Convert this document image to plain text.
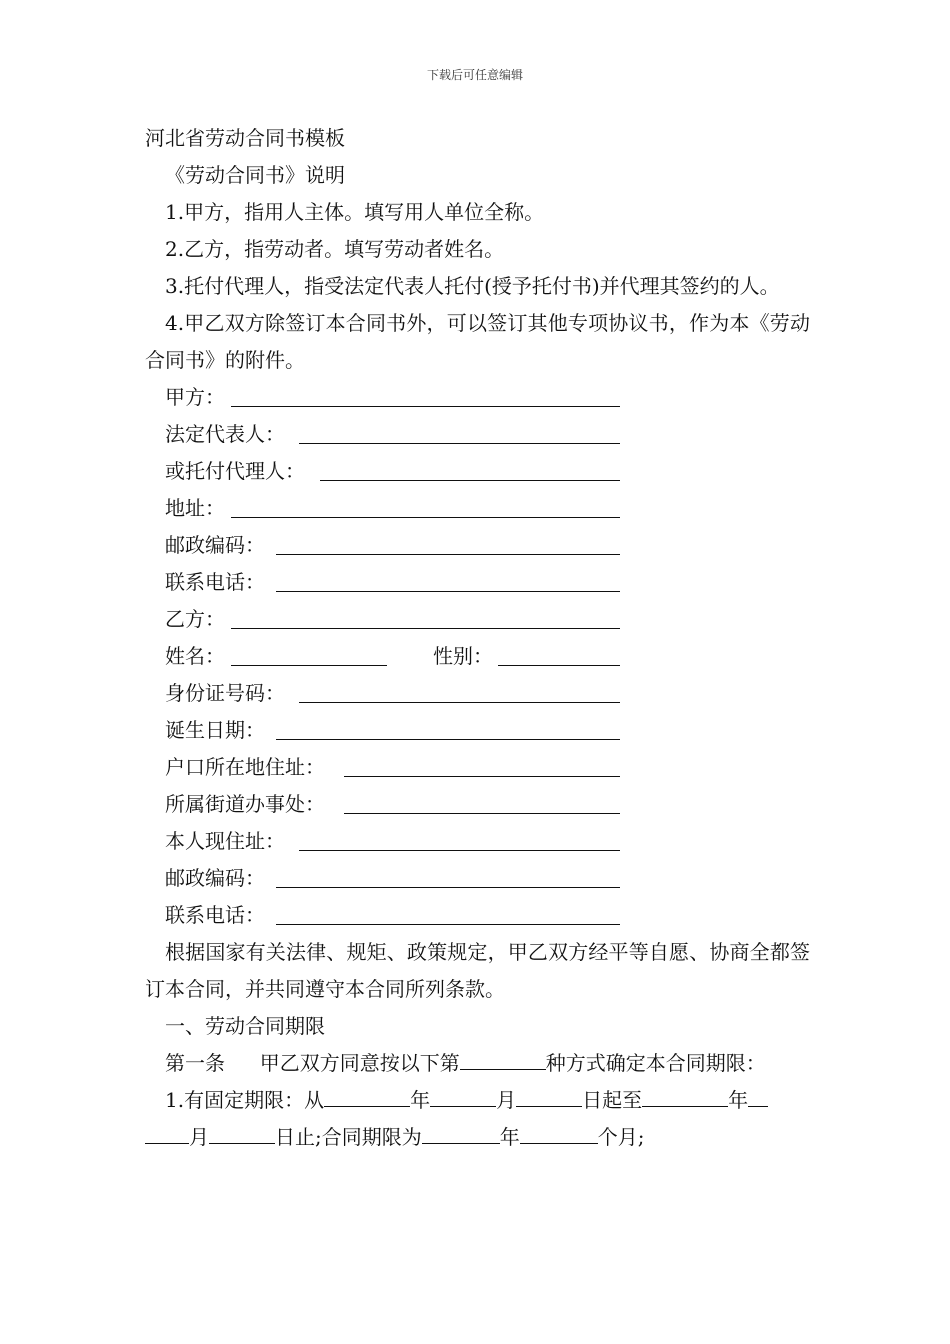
下载后可任意编辑
河北省劳动合同书模板
《劳动合同书》说明
1.甲方，指用人主体。填写用人单位全称。
2.乙方，指劳动者。填写劳动者姓名。
3.托付代理人，指受法定代表人托付(授予托付书)并代理其签约的人。
4.甲乙双方除签订本合同书外，可以签订其他专项协议书，作为本《劳动合同书》的附件。
甲方：
法定代表人：
或托付代理人：
地址：
邮政编码：
联系电话：
乙方：
姓名：	性别：
身份证号码：
诞生日期：
户口所在地住址：
所属街道办事处：
本人现住址：
邮政编码：
联系电话：
根据国家有关法律、规矩、政策规定，甲乙双方经平等自愿、协商全都签订本合同，并共同遵守本合同所列条款。
一、劳动合同期限
第一条 甲乙双方同意按以下第	种方式确定本合同期限：
1.有固定期限：从	年	月	日起至	年
月	日止;合同期限为	年	个月;
